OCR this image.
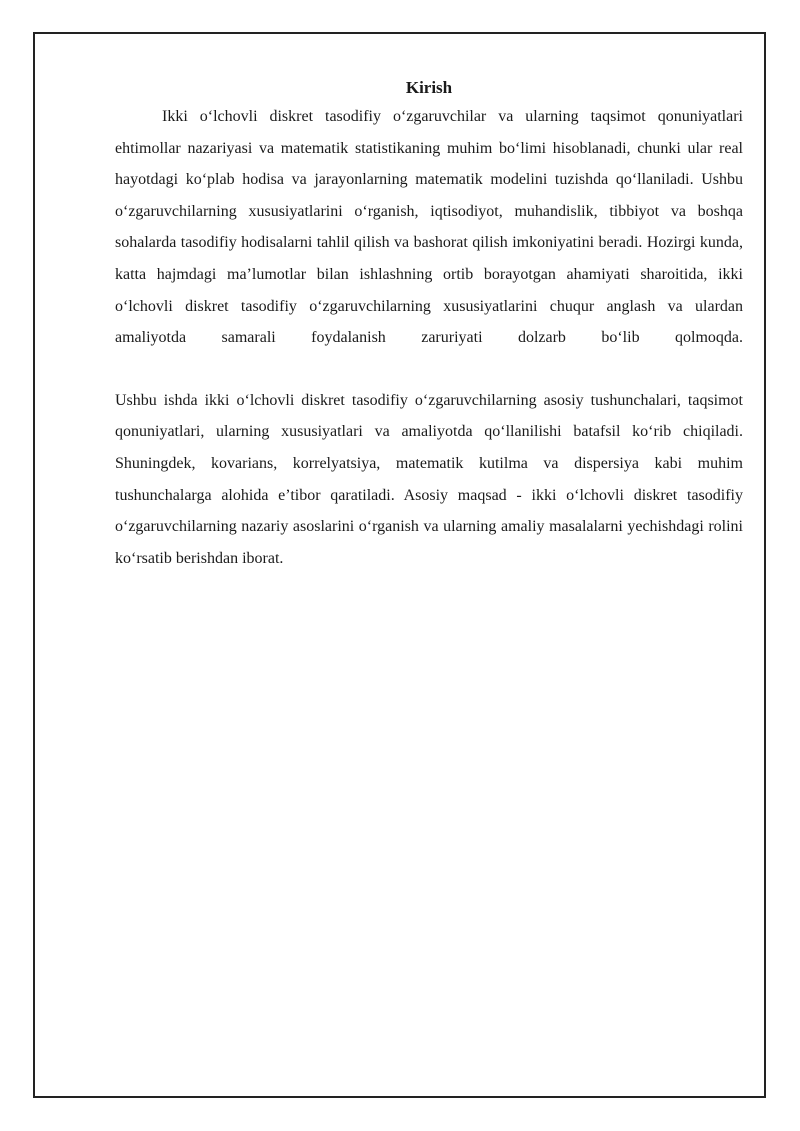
Kirish

Ikki o‘lchovli diskret tasodifiy o‘zgaruvchilar va ularning taqsimot qonuniyatlari ehtimollar nazariyasi va matematik statistikaning muhim bo‘limi hisoblanadi, chunki ular real hayotdagi ko‘plab hodisa va jarayonlarning matematik modelini tuzishda qo‘llaniladi. Ushbu o‘zgaruvchilarning xususiyatlarini o‘rganish, iqtisodiyot, muhandislik, tibbiyot va boshqa sohalarda tasodifiy hodisalarni tahlil qilish va bashorat qilish imkoniyatini beradi. Hozirgi kunda, katta hajmdagi ma’lumotlar bilan ishlashning ortib borayotgan ahamiyati sharoitida, ikki o‘lchovli diskret tasodifiy o‘zgaruvchilarning xususiyatlarini chuqur anglash va ulardan amaliyotda samarali foydalanish zaruriyati dolzarb bo‘lib qolmoqda.

Ushbu ishda ikki o‘lchovli diskret tasodifiy o‘zgaruvchilarning asosiy tushunchalari, taqsimot qonuniyatlari, ularning xususiyatlari va amaliyotda qo‘llanilishi batafsil ko‘rib chiqiladi. Shuningdek, kovarians, korrelyatsiya, matematik kutilma va dispersiya kabi muhim tushunchalarga alohida e’tibor qaratiladi. Asosiy maqsad - ikki o‘lchovli diskret tasodifiy o‘zgaruvchilarning nazariy asoslarini o‘rganish va ularning amaliy masalalarni yechishdagi rolini ko‘rsatib berishdan iborat.
